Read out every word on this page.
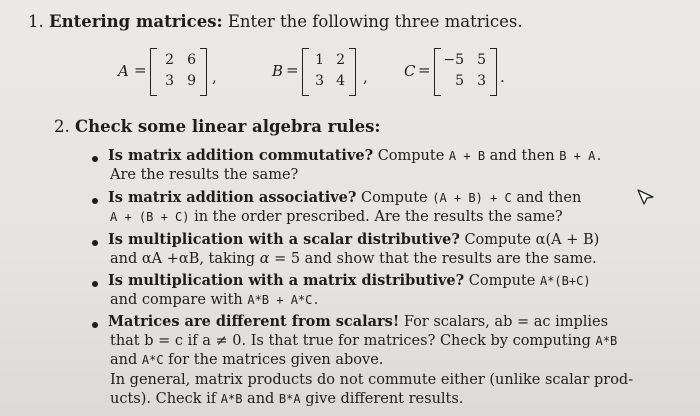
1. Entering matrices: Enter the following three matrices.
A =
2 6
3 9 ,	B =
1 2
3 4 , C =
−5 5
5 3 .
2. Check some linear algebra rules:
Is matrix addition commutative? Compute A + B and then B + A.
Are the results the same?
Is matrix addition associative? Compute (A + B) + C and then
A + (B + C) in the order prescribed. Are the results the same?
Is multiplication with a scalar distributive? Compute α(A + B)
and αA +αB, taking α = 5 and show that the results are the same.
Is multiplication with a matrix distributive? Compute A*(B+C)
and compare with A*B + A*C.
Matrices are different from scalars! For scalars, ab = ac implies
that b = c if a ≠ 0. Is that true for matrices? Check by computing A*B
and A*C for the matrices given above.
In general, matrix products do not commute either (unlike scalar prod-
ucts). Check if A*B and B*A give different results.
